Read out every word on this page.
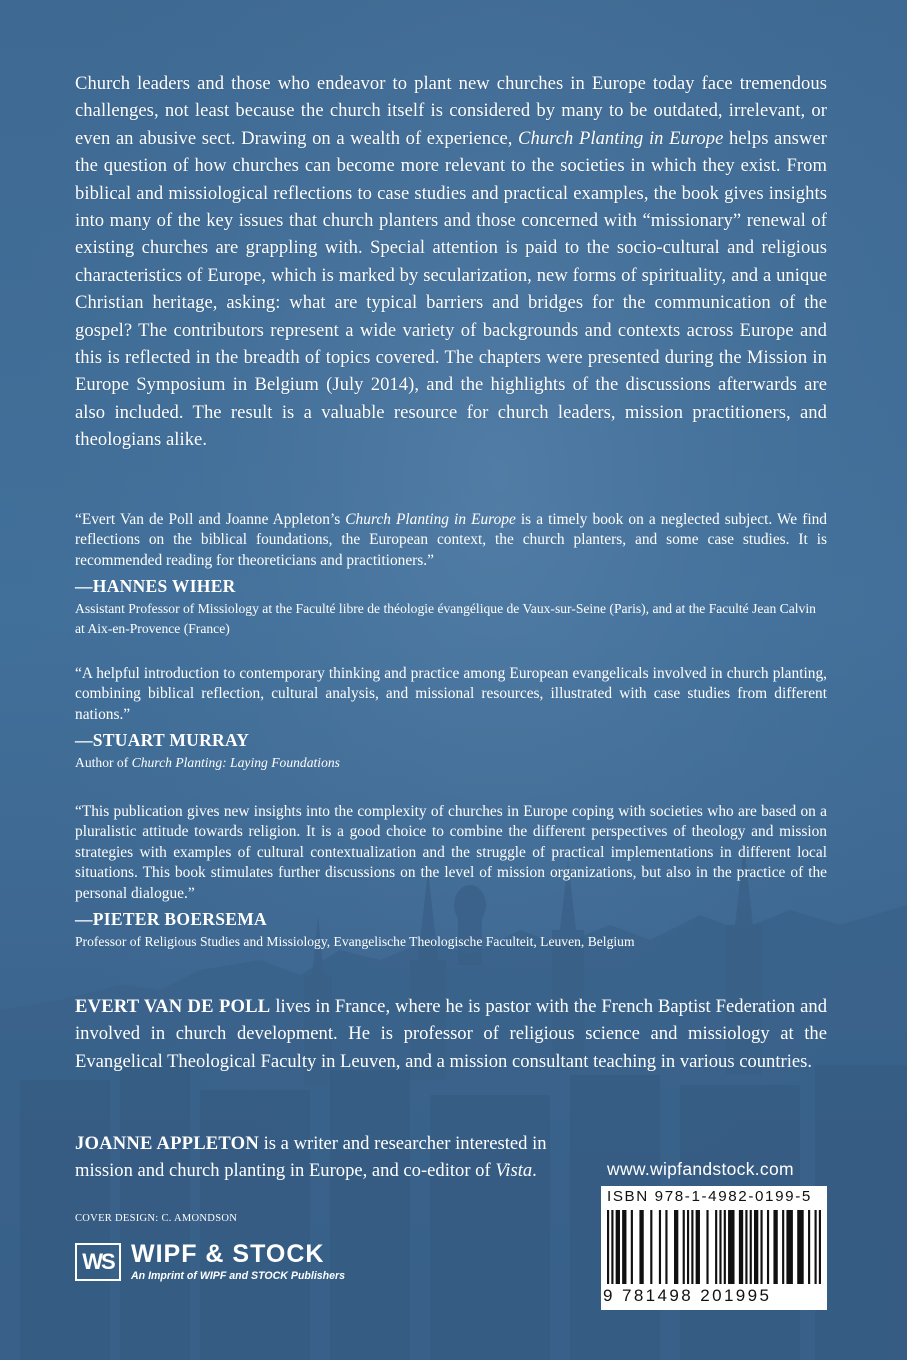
Church leaders and those who endeavor to plant new churches in Europe today face tremendous challenges, not least because the church itself is considered by many to be outdated, irrelevant, or even an abusive sect. Drawing on a wealth of experience, Church Planting in Europe helps answer the question of how churches can become more relevant to the societies in which they exist. From biblical and missiological reflections to case studies and practical examples, the book gives insights into many of the key issues that church planters and those concerned with “missionary” renewal of existing churches are grappling with. Special attention is paid to the socio-cultural and religious characteristics of Europe, which is marked by secularization, new forms of spirituality, and a unique Christian heritage, asking: what are typical barriers and bridges for the communication of the gospel? The contributors represent a wide variety of backgrounds and contexts across Europe and this is reflected in the breadth of topics covered. The chapters were presented during the Mission in Europe Symposium in Belgium (July 2014), and the highlights of the discussions afterwards are also included. The result is a valuable resource for church leaders, mission practitioners, and theologians alike.

“Evert Van de Poll and Joanne Appleton’s Church Planting in Europe is a timely book on a neglected subject. We find reflections on the biblical foundations, the European context, the church planters, and some case studies. It is recommended reading for theoreticians and practitioners.”
—HANNES WIHER
Assistant Professor of Missiology at the Faculté libre de théologie évangélique de Vaux-sur-Seine (Paris), and at the Faculté Jean Calvin at Aix-en-Provence (France)
“A helpful introduction to contemporary thinking and practice among European evangelicals involved in church planting, combining biblical reflection, cultural analysis, and missional resources, illustrated with case studies from different nations.”
—STUART MURRAY
Author of Church Planting: Laying Foundations
“This publication gives new insights into the complexity of churches in Europe coping with societies who are based on a pluralistic attitude towards religion. It is a good choice to combine the different perspectives of theology and mission strategies with examples of cultural contextualization and the struggle of practical implementations in different local situations. This book stimulates further discussions on the level of mission organizations, but also in the practice of the personal dialogue.”
—PIETER BOERSEMA
Professor of Religious Studies and Missiology, Evangelische Theologische Faculteit, Leuven, Belgium

EVERT VAN DE POLL lives in France, where he is pastor with the French Baptist Federation and involved in church development. He is professor of religious science and missiology at the Evangelical Theological Faculty in Leuven, and a mission consultant teaching in various countries.

JOANNE APPLETON is a writer and researcher interested in mission and church planting in Europe, and co-editor of Vista.

COVER DESIGN: C. AMONDSON
WS WIPF & STOCK
An Imprint of WIPF and STOCK Publishers
www.wipfandstock.com
ISBN 978-1-4982-0199-5
9 781498 201995
